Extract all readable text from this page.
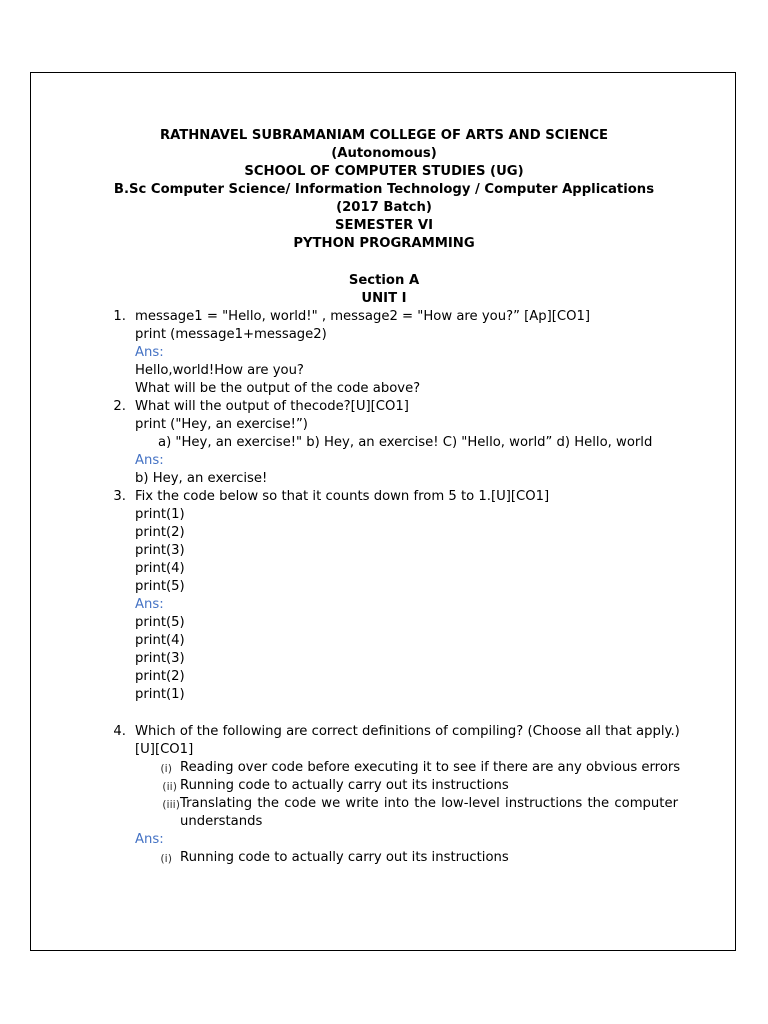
RATHNAVEL SUBRAMANIAM COLLEGE OF ARTS AND SCIENCE
(Autonomous)
SCHOOL OF COMPUTER STUDIES (UG)
B.Sc Computer Science/ Information Technology / Computer Applications
(2017 Batch)
SEMESTER VI
PYTHON PROGRAMMING
Section A
UNIT I
1. message1 = "Hello, world!" , message2 = "How are you?” [Ap][CO1]
print (message1+message2)
Ans:
Hello,world!How are you?
What will be the output of the code above?
2. What will the output of thecode?[U][CO1]
print ("Hey, an exercise!”)
a) "Hey, an exercise!" b) Hey, an exercise! C) "Hello, world” d) Hello, world
Ans:
b) Hey, an exercise!
3. Fix the code below so that it counts down from 5 to 1.[U][CO1]
print(1)
print(2)
print(3)
print(4)
print(5)
Ans:
print(5)
print(4)
print(3)
print(2)
print(1)
4. Which of the following are correct definitions of compiling? (Choose all that apply.)
[U][CO1]
(i) Reading over code before executing it to see if there are any obvious errors
(ii) Running code to actually carry out its instructions
(iii) Translating the code we write into the low-level instructions the computer
understands
Ans:
(i) Running code to actually carry out its instructions
